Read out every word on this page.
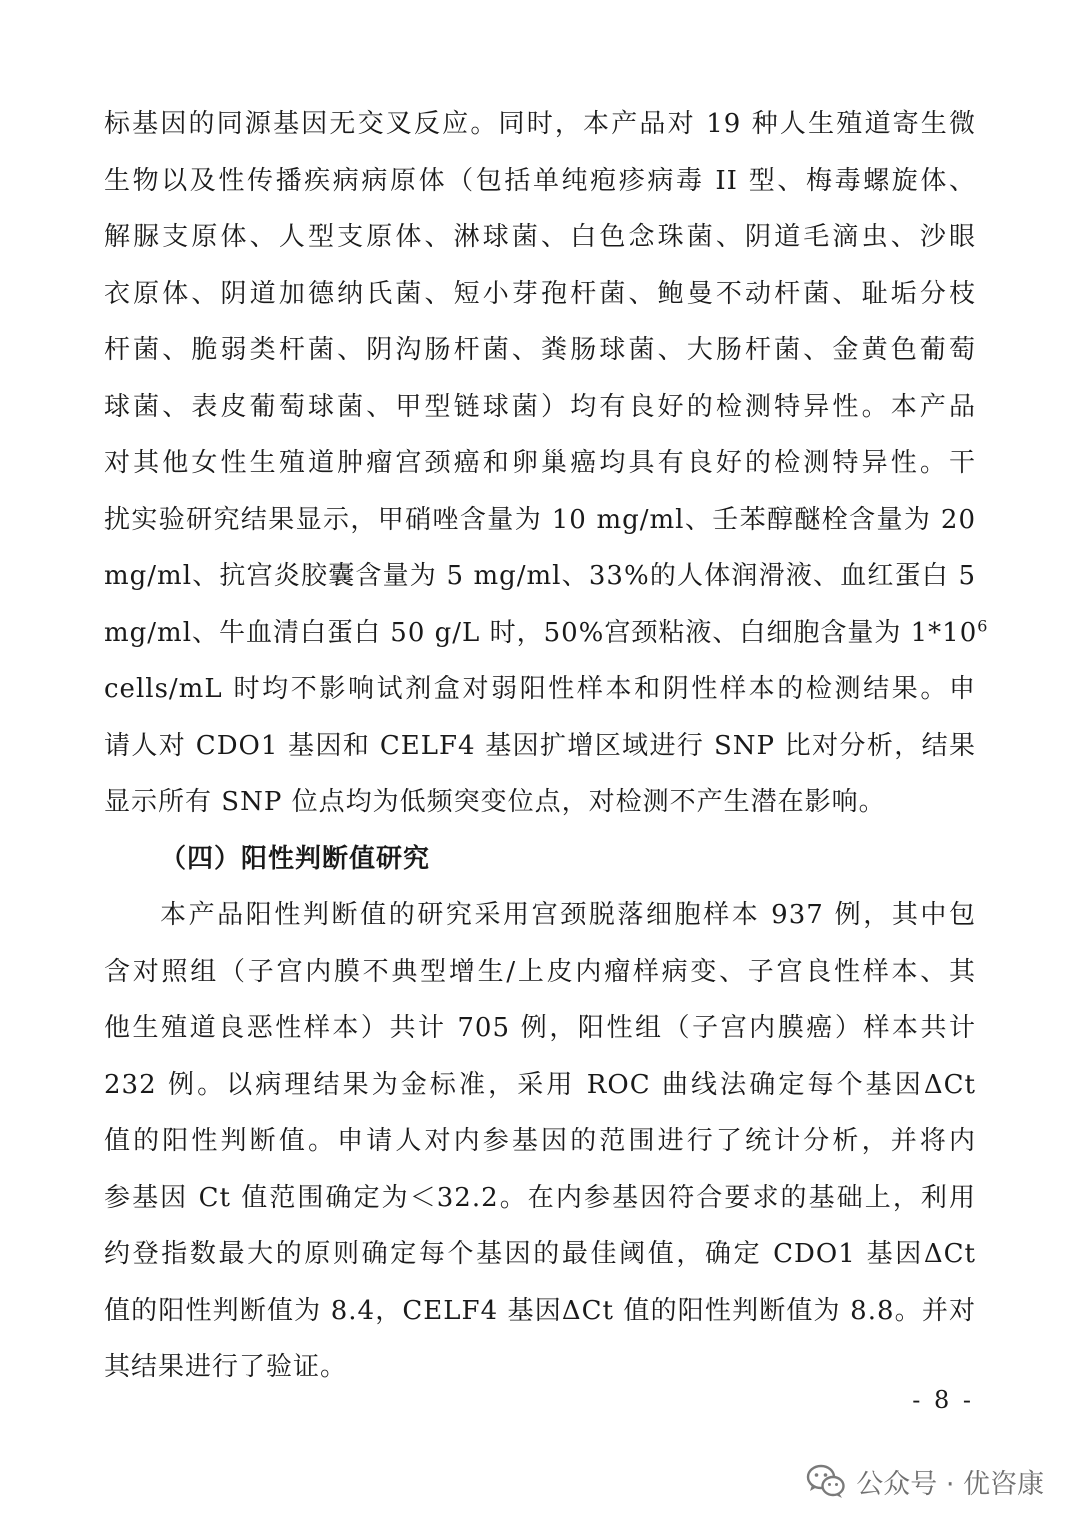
标基因的同源基因无交叉反应。同时，本产品对 19 种人生殖道寄生微
生物以及性传播疾病病原体（包括单纯疱疹病毒 II 型、梅毒螺旋体、
解脲支原体、人型支原体、淋球菌、白色念珠菌、阴道毛滴虫、沙眼
衣原体、阴道加德纳氏菌、短小芽孢杆菌、鲍曼不动杆菌、耻垢分枝
杆菌、脆弱类杆菌、阴沟肠杆菌、粪肠球菌、大肠杆菌、金黄色葡萄
球菌、表皮葡萄球菌、甲型链球菌）均有良好的检测特异性。本产品
对其他女性生殖道肿瘤宫颈癌和卵巢癌均具有良好的检测特异性。干
扰实验研究结果显示，甲硝唑含量为 10 mg/ml、壬苯醇醚栓含量为 20
mg/ml、抗宫炎胶囊含量为 5 mg/ml、33%的人体润滑液、血红蛋白 5
mg/ml、牛血清白蛋白 50 g/L 时，50%宫颈粘液、白细胞含量为 $1*10^6$
cells/mL 时均不影响试剂盒对弱阳性样本和阴性样本的检测结果。申
请人对 CDO1 基因和 CELF4 基因扩增区域进行 SNP 比对分析，结果
显示所有 SNP 位点均为低频突变位点，对检测不产生潜在影响。

（四）阳性判断值研究

本产品阳性判断值的研究采用宫颈脱落细胞样本 937 例，其中包
含对照组（子宫内膜不典型增生/上皮内瘤样病变、子宫良性样本、其
他生殖道良恶性样本）共计 705 例，阳性组（子宫内膜癌）样本共计
232 例。以病理结果为金标准，采用 ROC 曲线法确定每个基因ΔCt
值的阳性判断值。申请人对内参基因的范围进行了统计分析，并将内
参基因 Ct 值范围确定为＜32.2。在内参基因符合要求的基础上，利用
约登指数最大的原则确定每个基因的最佳阈值，确定 CDO1 基因ΔCt
值的阳性判断值为 8.4，CELF4 基因ΔCt 值的阳性判断值为 8.8。并对
其结果进行了验证。

- 8 -
公众号 · 优咨康
